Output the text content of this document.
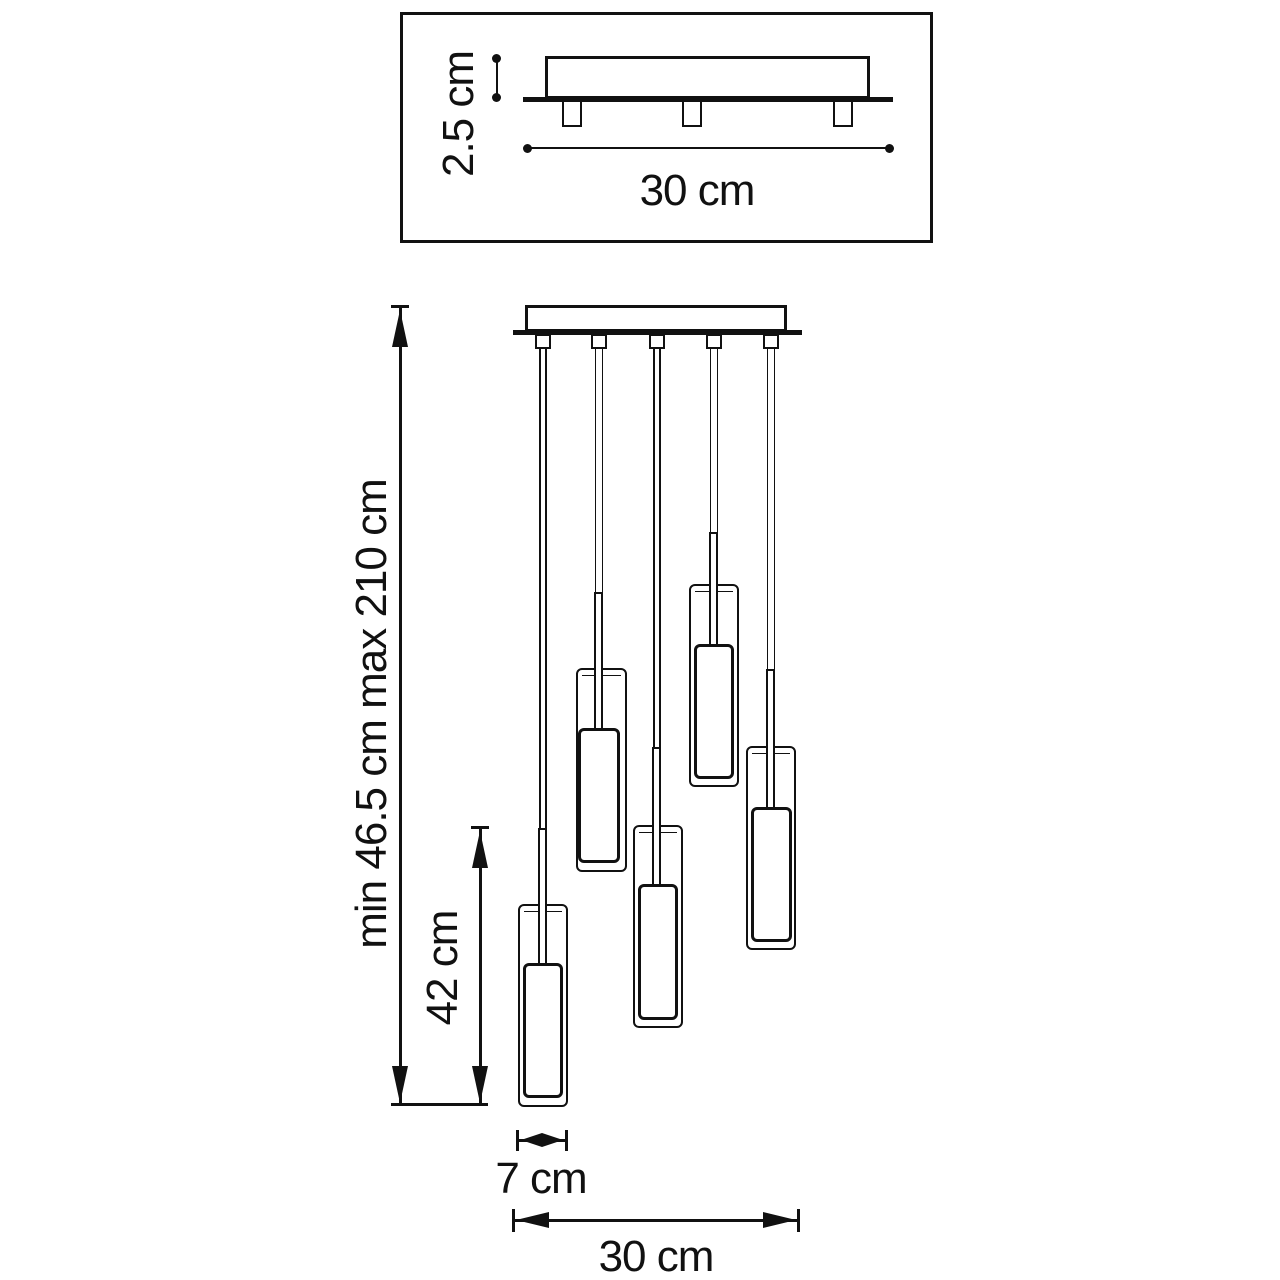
2.5 cm
30 cm
min 46.5 cm max 210 cm
42 cm
7 cm
30 cm
